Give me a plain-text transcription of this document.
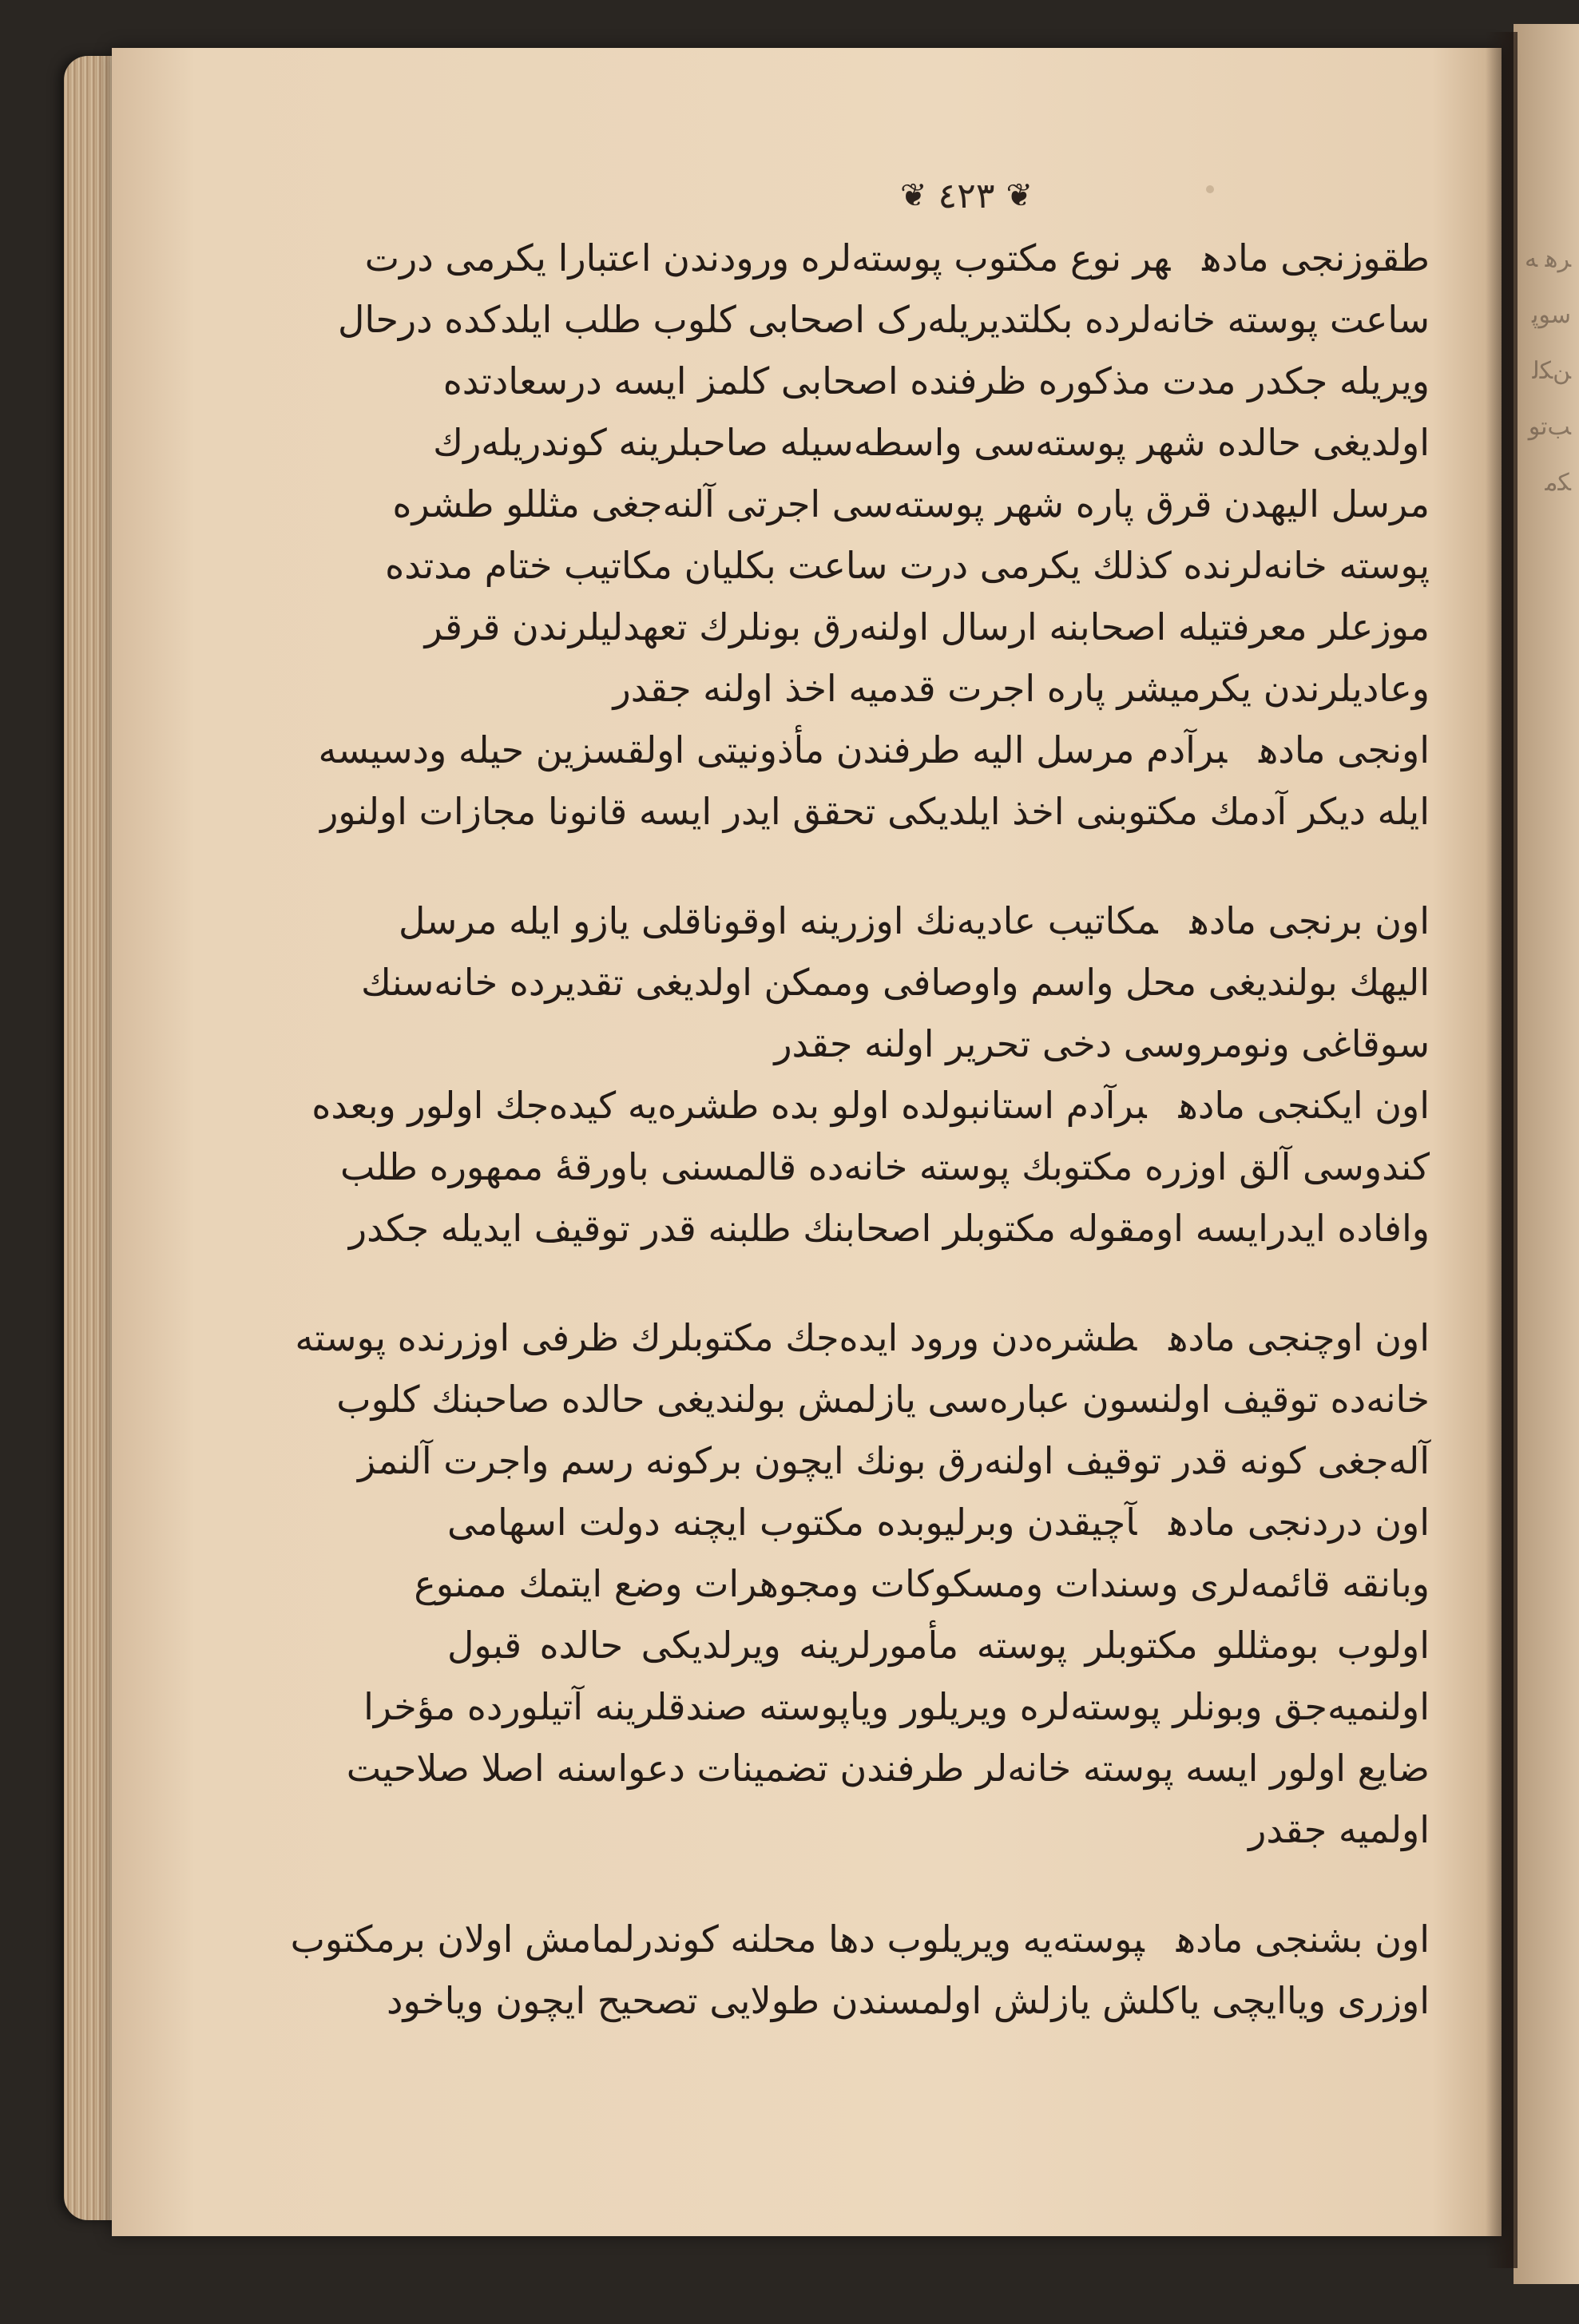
ﺮﻫ ﻪﺳﻮﭘ ﻦﻜﻟ ﺐﺗﻮﻜﻣ
❦ ٤٢٣ ❦
طقوزنجی مادههر نوع مکتوب پوسته‌لره ورودندن اعتبارا یکرمی درت
ساعت پوسته خانه‌لرده بکلتدیریله‌رک اصحابی کلوب طلب ایلدکده درحال
ویریله جکدر مدت مذکوره ظرفنده اصحابی کلمز ایسه درسعادتده
اولدیغی حالده شهر پوسته‌سی واسطه‌سیله صاحبلرینه کوندریله‌رك
مرسل الیهدن قرق پاره شهر پوسته‌سی اجرتی آلنه‌جغی مثللو طشره
پوسته خانه‌لرنده کذلك یکرمی درت ساعت بکلیان مکاتیب ختام مدتده
موزعلر معرفتیله اصحابنه ارسال اولنه‌رق بونلرك تعهدلیلرندن قرقر
وعادیلرندن یکرمیشر پاره اجرت قدمیه اخذ اولنه جقدر
اونجی مادهبرآدم مرسل الیه طرفندن مأذونیتی اولقسزین حیله ودسیسه
ایله دیکر آدمك مکتوبنی اخذ ایلدیکی تحقق ایدر ایسه قانونا مجازات اولنور
اون برنجی مادهمکاتیب عادیه‌نك اوزرینه اوقوناقلی یازو ایله مرسل
الیهك بولندیغی محل واسم واوصافی وممکن اولدیغی تقدیرده خانه‌سنك
سوقاغی ونومروسی دخی تحریر اولنه جقدر
اون ایکنجی مادهبرآدم استانبولده اولو بده طشره‌یه کیده‌جك اولور وبعده
کندوسی آلق اوزره مکتوبك پوسته خانه‌ده قالمسنی باورقهٔ ممهوره طلب
وافاده ایدرایسه اومقوله مکتوبلر اصحابنك طلبنه قدر توقیف ایدیله جکدر
اون اوچنجی مادهطشره‌دن ورود ایده‌جك مکتوبلرك ظرفی اوزرنده پوسته
خانه‌ده توقیف اولنسون عباره‌سی یازلمش بولندیغی حالده صاحبنك کلوب
آله‌جغی کونه قدر توقیف اولنه‌رق بونك ایچون برکونه رسم واجرت آلنمز
اون دردنجی مادهآچیقدن وبرلیوبده مکتوب ایچنه دولت اسهامی
وبانقه قائمه‌لری وسندات ومسکوکات ومجوهرات وضع ایتمك ممنوع
اولوب بومثللو مکتوبلر پوسته مأمورلرینه ویرلدیکی حالده قبول
اولنمیه‌جق وبونلر پوسته‌لره ویریلور ویاپوسته صندقلرینه آتیلورده مؤخرا
ضایع اولور ایسه پوسته خانه‌لر طرفندن تضمینات دعواسنه اصلا صلاحیت
اولمیه جقدر
اون بشنجی مادهپوسته‌یه ویریلوب دها محلنه کوندرلمامش اولان برمکتوب
اوزری ویاایچی یاکلش یازلش اولمسندن طولایی تصحیح ایچون ویاخود
